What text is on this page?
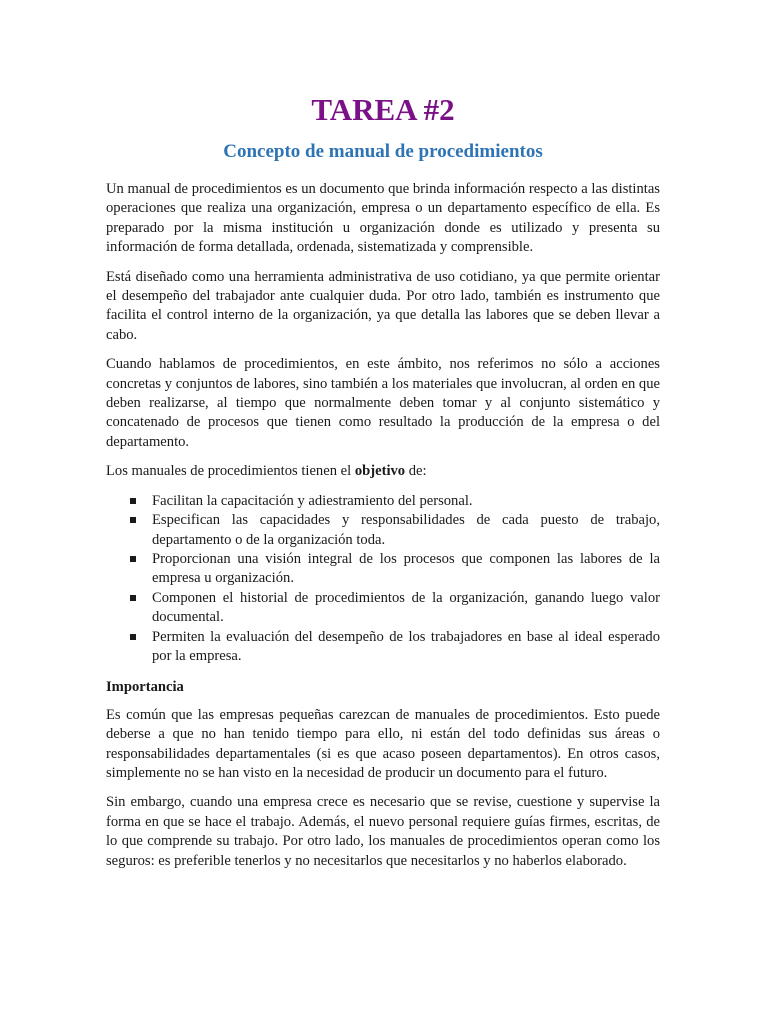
TAREA #2
Concepto de manual de procedimientos

Un manual de procedimientos es un documento que brinda información respecto a las distintas operaciones que realiza una organización, empresa o un departamento específico de ella. Es preparado por la misma institución u organización donde es utilizado y presenta su información de forma detallada, ordenada, sistematizada y comprensible.

Está diseñado como una herramienta administrativa de uso cotidiano, ya que permite orientar el desempeño del trabajador ante cualquier duda. Por otro lado, también es instrumento que facilita el control interno de la organización, ya que detalla las labores que se deben llevar a cabo.

Cuando hablamos de procedimientos, en este ámbito, nos referimos no sólo a acciones concretas y conjuntos de labores, sino también a los materiales que involucran, al orden en que deben realizarse, al tiempo que normalmente deben tomar y al conjunto sistemático y concatenado de procesos que tienen como resultado la producción de la empresa o del departamento.

Los manuales de procedimientos tienen el objetivo de:

Facilitan la capacitación y adiestramiento del personal.
Especifican las capacidades y responsabilidades de cada puesto de trabajo, departamento o de la organización toda.
Proporcionan una visión integral de los procesos que componen las labores de la empresa u organización.
Componen el historial de procedimientos de la organización, ganando luego valor documental.
Permiten la evaluación del desempeño de los trabajadores en base al ideal esperado por la empresa.
Importancia

Es común que las empresas pequeñas carezcan de manuales de procedimientos. Esto puede deberse a que no han tenido tiempo para ello, ni están del todo definidas sus áreas o responsabilidades departamentales (si es que acaso poseen departamentos). En otros casos, simplemente no se han visto en la necesidad de producir un documento para el futuro.

Sin embargo, cuando una empresa crece es necesario que se revise, cuestione y supervise la forma en que se hace el trabajo. Además, el nuevo personal requiere guías firmes, escritas, de lo que comprende su trabajo. Por otro lado, los manuales de procedimientos operan como los seguros: es preferible tenerlos y no necesitarlos que necesitarlos y no haberlos elaborado.
